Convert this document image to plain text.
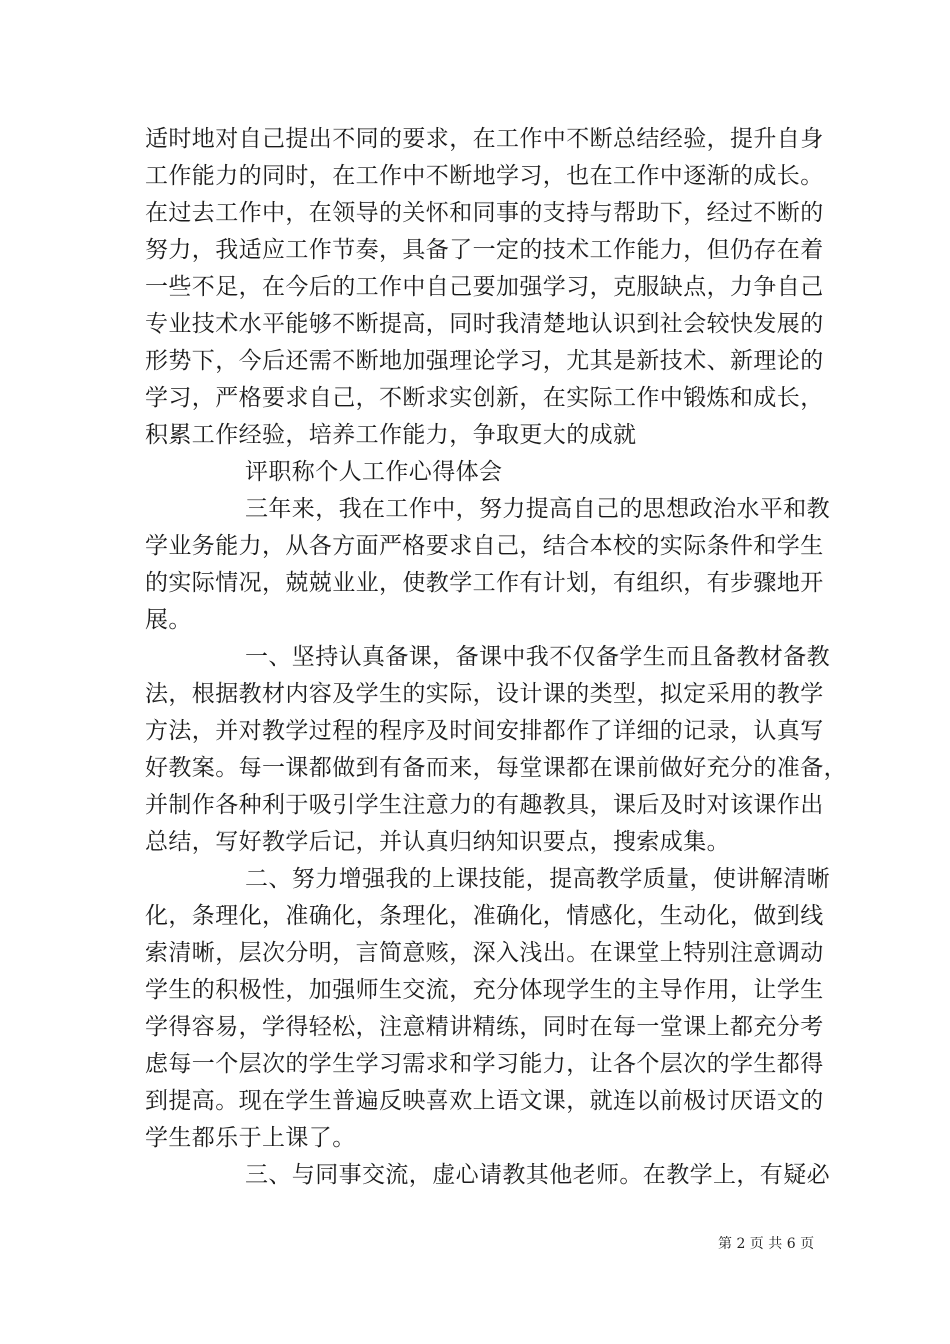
适时地对自己提出不同的要求，在工作中不断总结经验，提升自身
工作能力的同时，在工作中不断地学习，也在工作中逐渐的成长。
在过去工作中，在领导的关怀和同事的支持与帮助下，经过不断的
努力，我适应工作节奏，具备了一定的技术工作能力，但仍存在着
一些不足，在今后的工作中自己要加强学习，克服缺点，力争自己
专业技术水平能够不断提高，同时我清楚地认识到社会较快发展的
形势下，今后还需不断地加强理论学习，尤其是新技术、新理论的
学习，严格要求自己，不断求实创新，在实际工作中锻炼和成长，
积累工作经验，培养工作能力，争取更大的成就
评职称个人工作心得体会
三年来，我在工作中，努力提高自己的思想政治水平和教
学业务能力，从各方面严格要求自己，结合本校的实际条件和学生
的实际情况，兢兢业业，使教学工作有计划，有组织，有步骤地开
展。
一、坚持认真备课，备课中我不仅备学生而且备教材备教
法，根据教材内容及学生的实际，设计课的类型，拟定采用的教学
方法，并对教学过程的程序及时间安排都作了详细的记录，认真写
好教案。每一课都做到有备而来，每堂课都在课前做好充分的准备，
并制作各种利于吸引学生注意力的有趣教具，课后及时对该课作出
总结，写好教学后记，并认真归纳知识要点，搜索成集。
二、努力增强我的上课技能，提高教学质量，使讲解清晰
化，条理化，准确化，条理化，准确化，情感化，生动化，做到线
索清晰，层次分明，言简意赅，深入浅出。在课堂上特别注意调动
学生的积极性，加强师生交流，充分体现学生的主导作用，让学生
学得容易，学得轻松，注意精讲精练，同时在每一堂课上都充分考
虑每一个层次的学生学习需求和学习能力，让各个层次的学生都得
到提高。现在学生普遍反映喜欢上语文课，就连以前极讨厌语文的
学生都乐于上课了。
三、与同事交流，虚心请教其他老师。在教学上，有疑必
第 2 页 共 6 页
